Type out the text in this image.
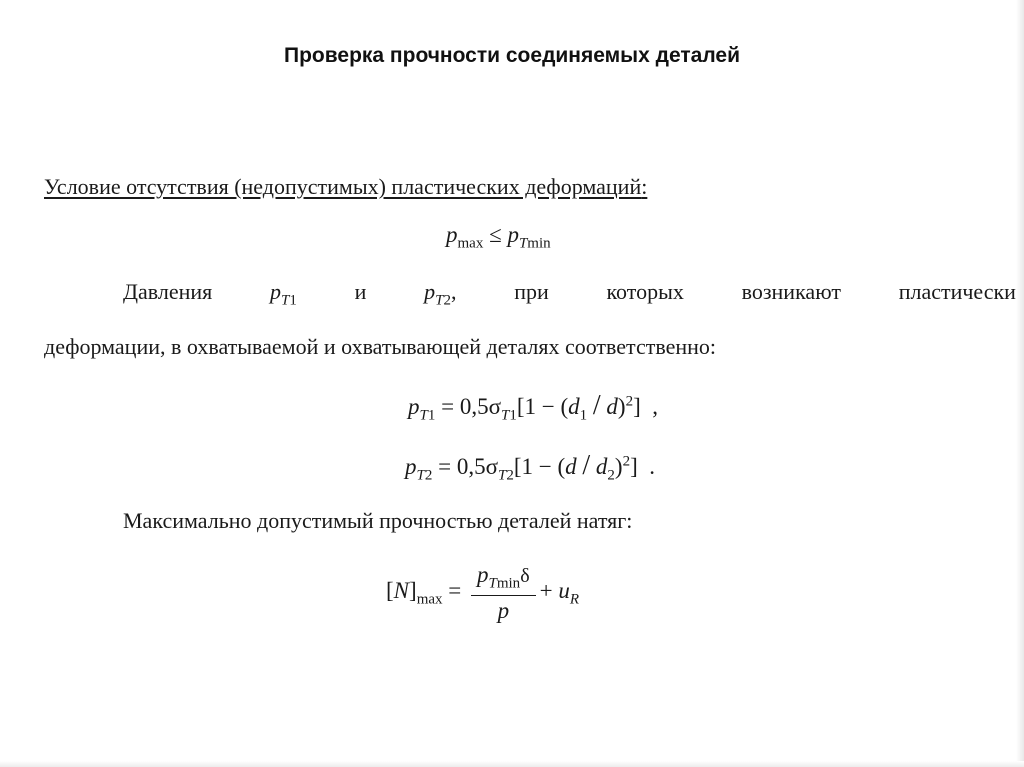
Проверка прочности соединяемых деталей
Условие отсутствия (недопустимых) пластических деформаций:
$p_{max} \le p_{Tmin}$
Давления	$p_{T1}$	и	$p_{T2}$,	при	которых	возникают	пластически
деформации, в охватываемой и охватывающей деталях соответственно:
$p_{T1} = 0,5\sigma_{T1}[1 - (d_1 / d)^2]$  ,
$p_{T2} = 0,5\sigma_{T2}[1 - (d / d_2)^2]$  .
Максимально допустимый прочностью деталей натяг:
$[N]_{max} = \frac{p_{Tmin}\delta}{p} + u_R$
